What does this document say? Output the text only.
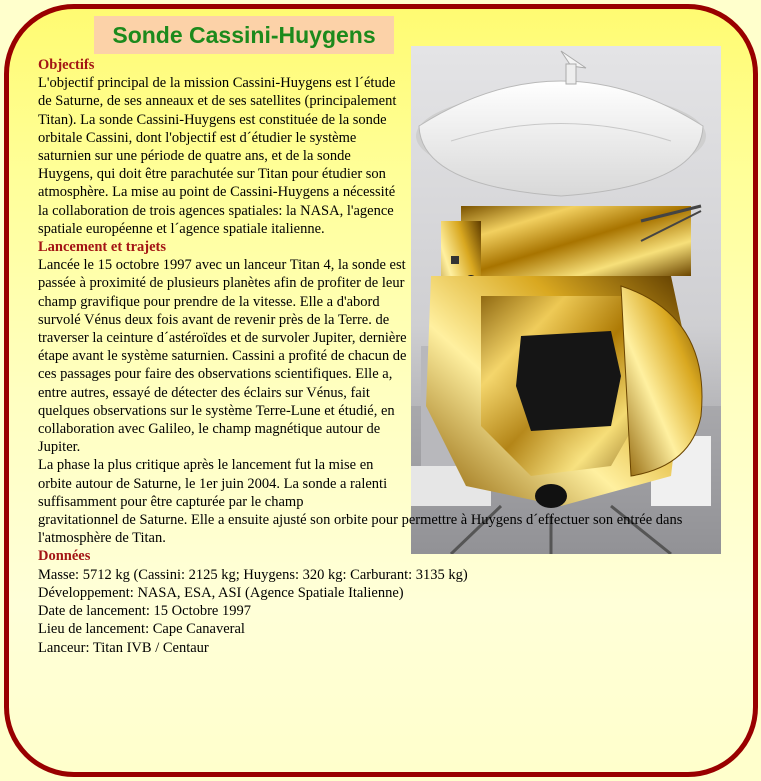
Sonde Cassini-Huygens

Objectifs

L'objectif principal de la mission Cassini-Huygens est l´étude de Saturne, de ses anneaux et de ses satellites (principalement Titan). La sonde Cassini-Huygens est constituée de la sonde orbitale Cassini, dont l'objectif est d´étudier le système saturnien sur une période de quatre ans, et de la sonde Huygens, qui doit être parachutée sur Titan pour étudier son atmosphère. La mise au point de Cassini-Huygens a nécessité la collaboration de trois agences spatiales: la NASA, l'agence spatiale européenne et l´agence spatiale italienne.

Lancement et trajets

Lancée le 15 octobre 1997 avec un lanceur Titan 4, la sonde est passée à proximité de plusieurs planètes afin de profiter de leur champ gravifique pour prendre de la vitesse. Elle a d'abord survolé Vénus deux fois avant de revenir près de la Terre. de traverser la ceinture d´astéroïdes et de survoler Jupiter, dernière étape avant le système saturnien. Cassini a profité de chacun de ces passages pour faire des observations scientifiques. Elle a, entre autres, essayé de détecter des éclairs sur Vénus, fait quelques observations sur le système Terre-Lune et étudié, en collaboration avec Galileo, le champ magnétique autour de Jupiter.

La phase la plus critique après le lancement fut la mise en orbite autour de Saturne, le 1er juin 2004. La sonde a ralenti suffisamment pour être capturée par le champ

gravitationnel de Saturne. Elle a ensuite ajusté son orbite pour permettre à Huygens d´effectuer son entrée dans l'atmosphère de Titan.

Données

Masse: 5712 kg (Cassini: 2125 kg; Huygens: 320 kg: Carburant: 3135 kg)
Développement: NASA, ESA, ASI (Agence Spatiale Italienne)
Date de lancement: 15 Octobre 1997
Lieu de lancement: Cape Canaveral
Lanceur: Titan IVB / Centaur
